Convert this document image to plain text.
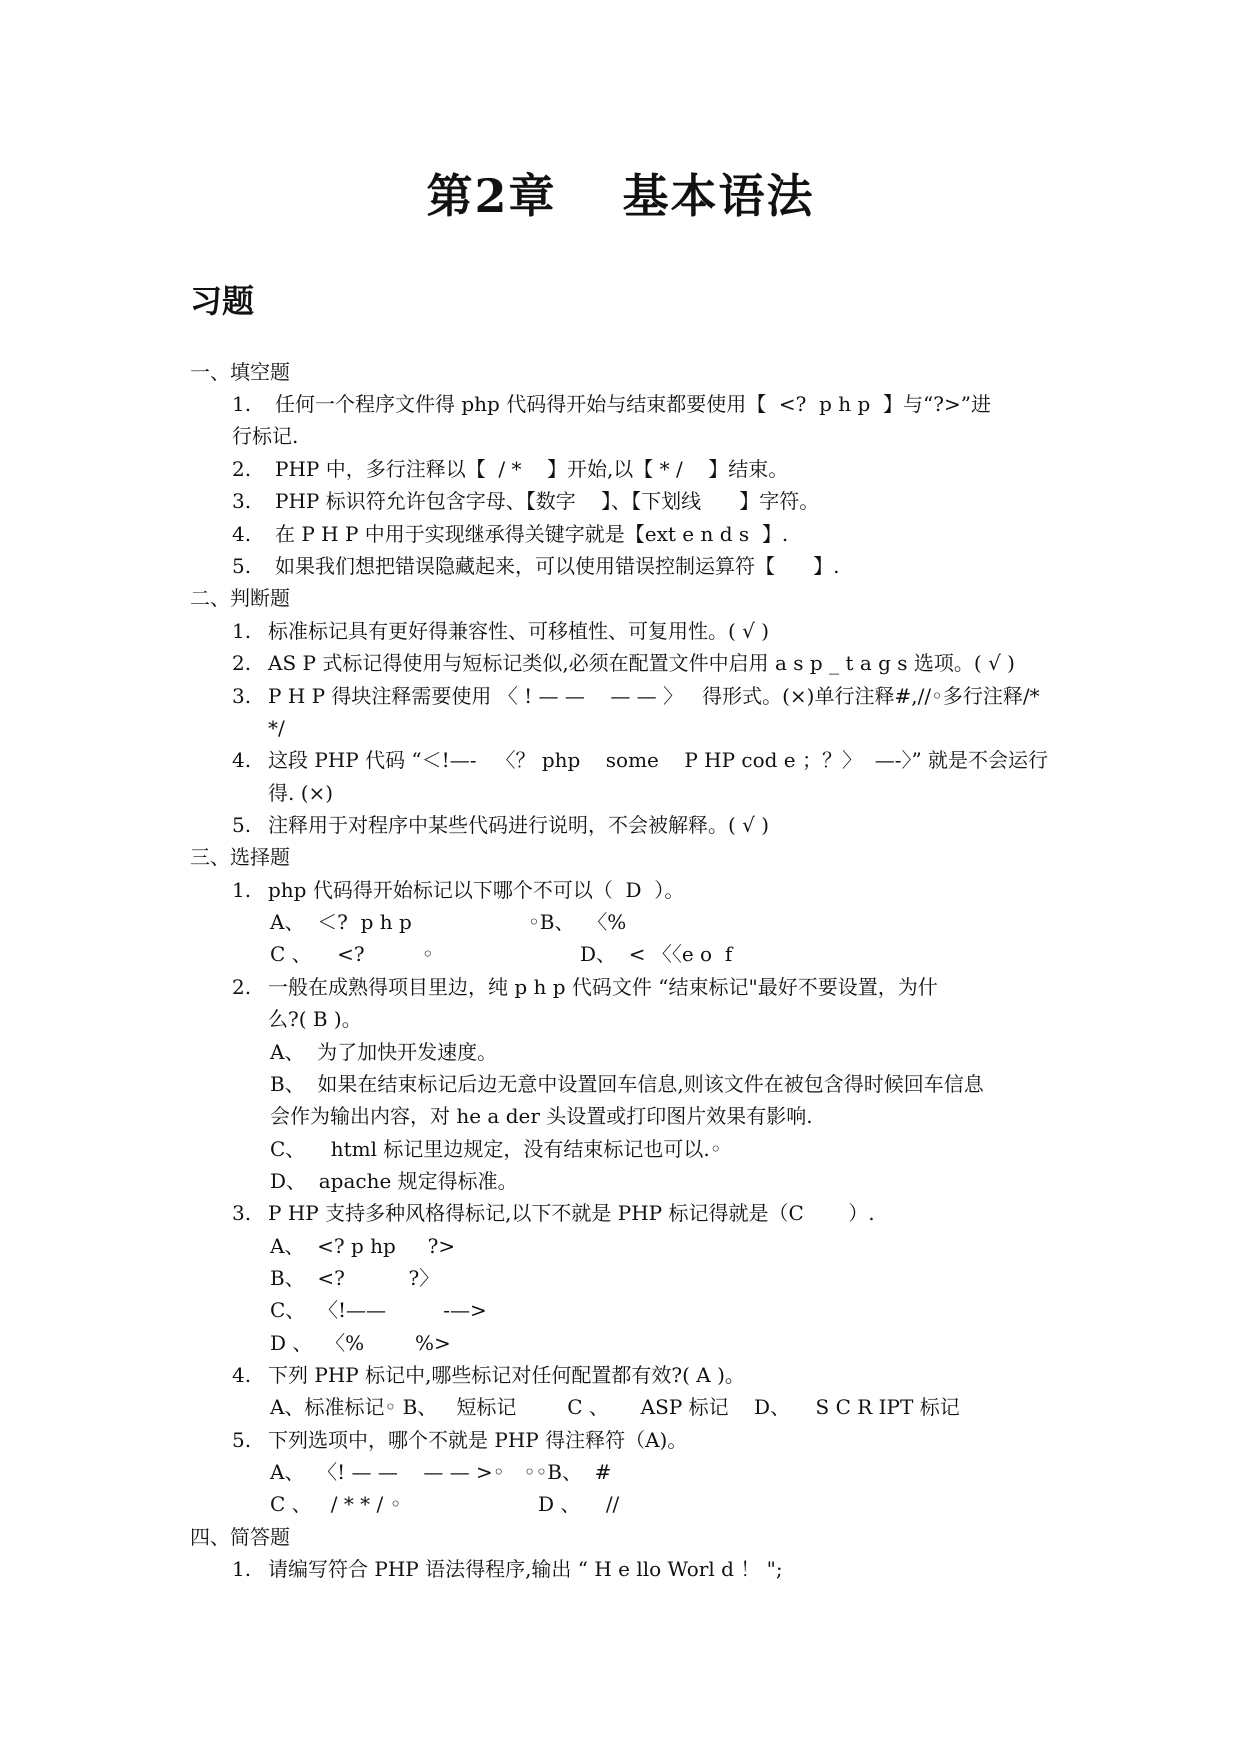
第2章　 基本语法
习题
一、填空题
1. 任何一个程序文件得 php 代码得开始与结束都要使用【  <?  p h p  】与“?>”进
行标记.
2. PHP 中，多行注释以【  / *    】开始,以【 * /    】结束。
3. PHP 标识符允许包含字母、【数字    】、【下划线      】字符。
4. 在 P H P 中用于实现继承得关键字就是【ext e n d s  】.
5. 如果我们想把错误隐藏起来，可以使用错误控制运算符【      】.
二、判断题
1. 标准标记具有更好得兼容性、可移植性、可复用性。( √ )
2. AS P 式标记得使用与短标记类似,必须在配置文件中启用 a s p _ t a g s 选项。( √ )
3. P H P 得块注释需要使用 〈 ! — —    — — 〉   得形式。(×)单行注释#,//◦多行注释/*
*/
4. 这段 PHP 代码 “＜!—-   〈？ php    some    P HP cod e ；？〉  —-〉” 就是不会运行
得. (×)
5. 注释用于对程序中某些代码进行说明，不会被解释。( √ )
三、选择题
1. php 代码得开始标记以下哪个不可以（  D  ）。
A、  ＜?  p h p	◦B、  〈%
C 、    <?         ◦	D、  < 〈〈e o  f
2. 一般在成熟得项目里边，纯 p h p 代码文件 “结束标记"最好不要设置，为什
么?( B )。
A、  为了加快开发速度。
B、  如果在结束标记后边无意中设置回车信息,则该文件在被包含得时候回车信息
会作为输出内容，对 he a der 头设置或打印图片效果有影响.
C、    html 标记里边规定，没有结束标记也可以.◦
D、  apache 规定得标准。
3. P HP 支持多种风格得标记,以下不就是 PHP 标记得就是（C       ）.
A、  <? p hp     ?>
B、  <?          ?〉
C、  〈!——         -—>
D 、  〈%        %>
4. 下列 PHP 标记中,哪些标记对任何配置都有效?( A )。
A、标准标记◦ B、   短标记        C 、     ASP 标记    D、    S C R IPT 标记
5. 下列选项中，哪个不就是 PHP 得注释符（A)。
A、  〈! — —    — — >◦   ◦◦B、  #
C 、   / * * / ◦	D 、    //
四、简答题
1. 请编写符合 PHP 语法得程序,输出 “ H e llo Worl d ！ ";
